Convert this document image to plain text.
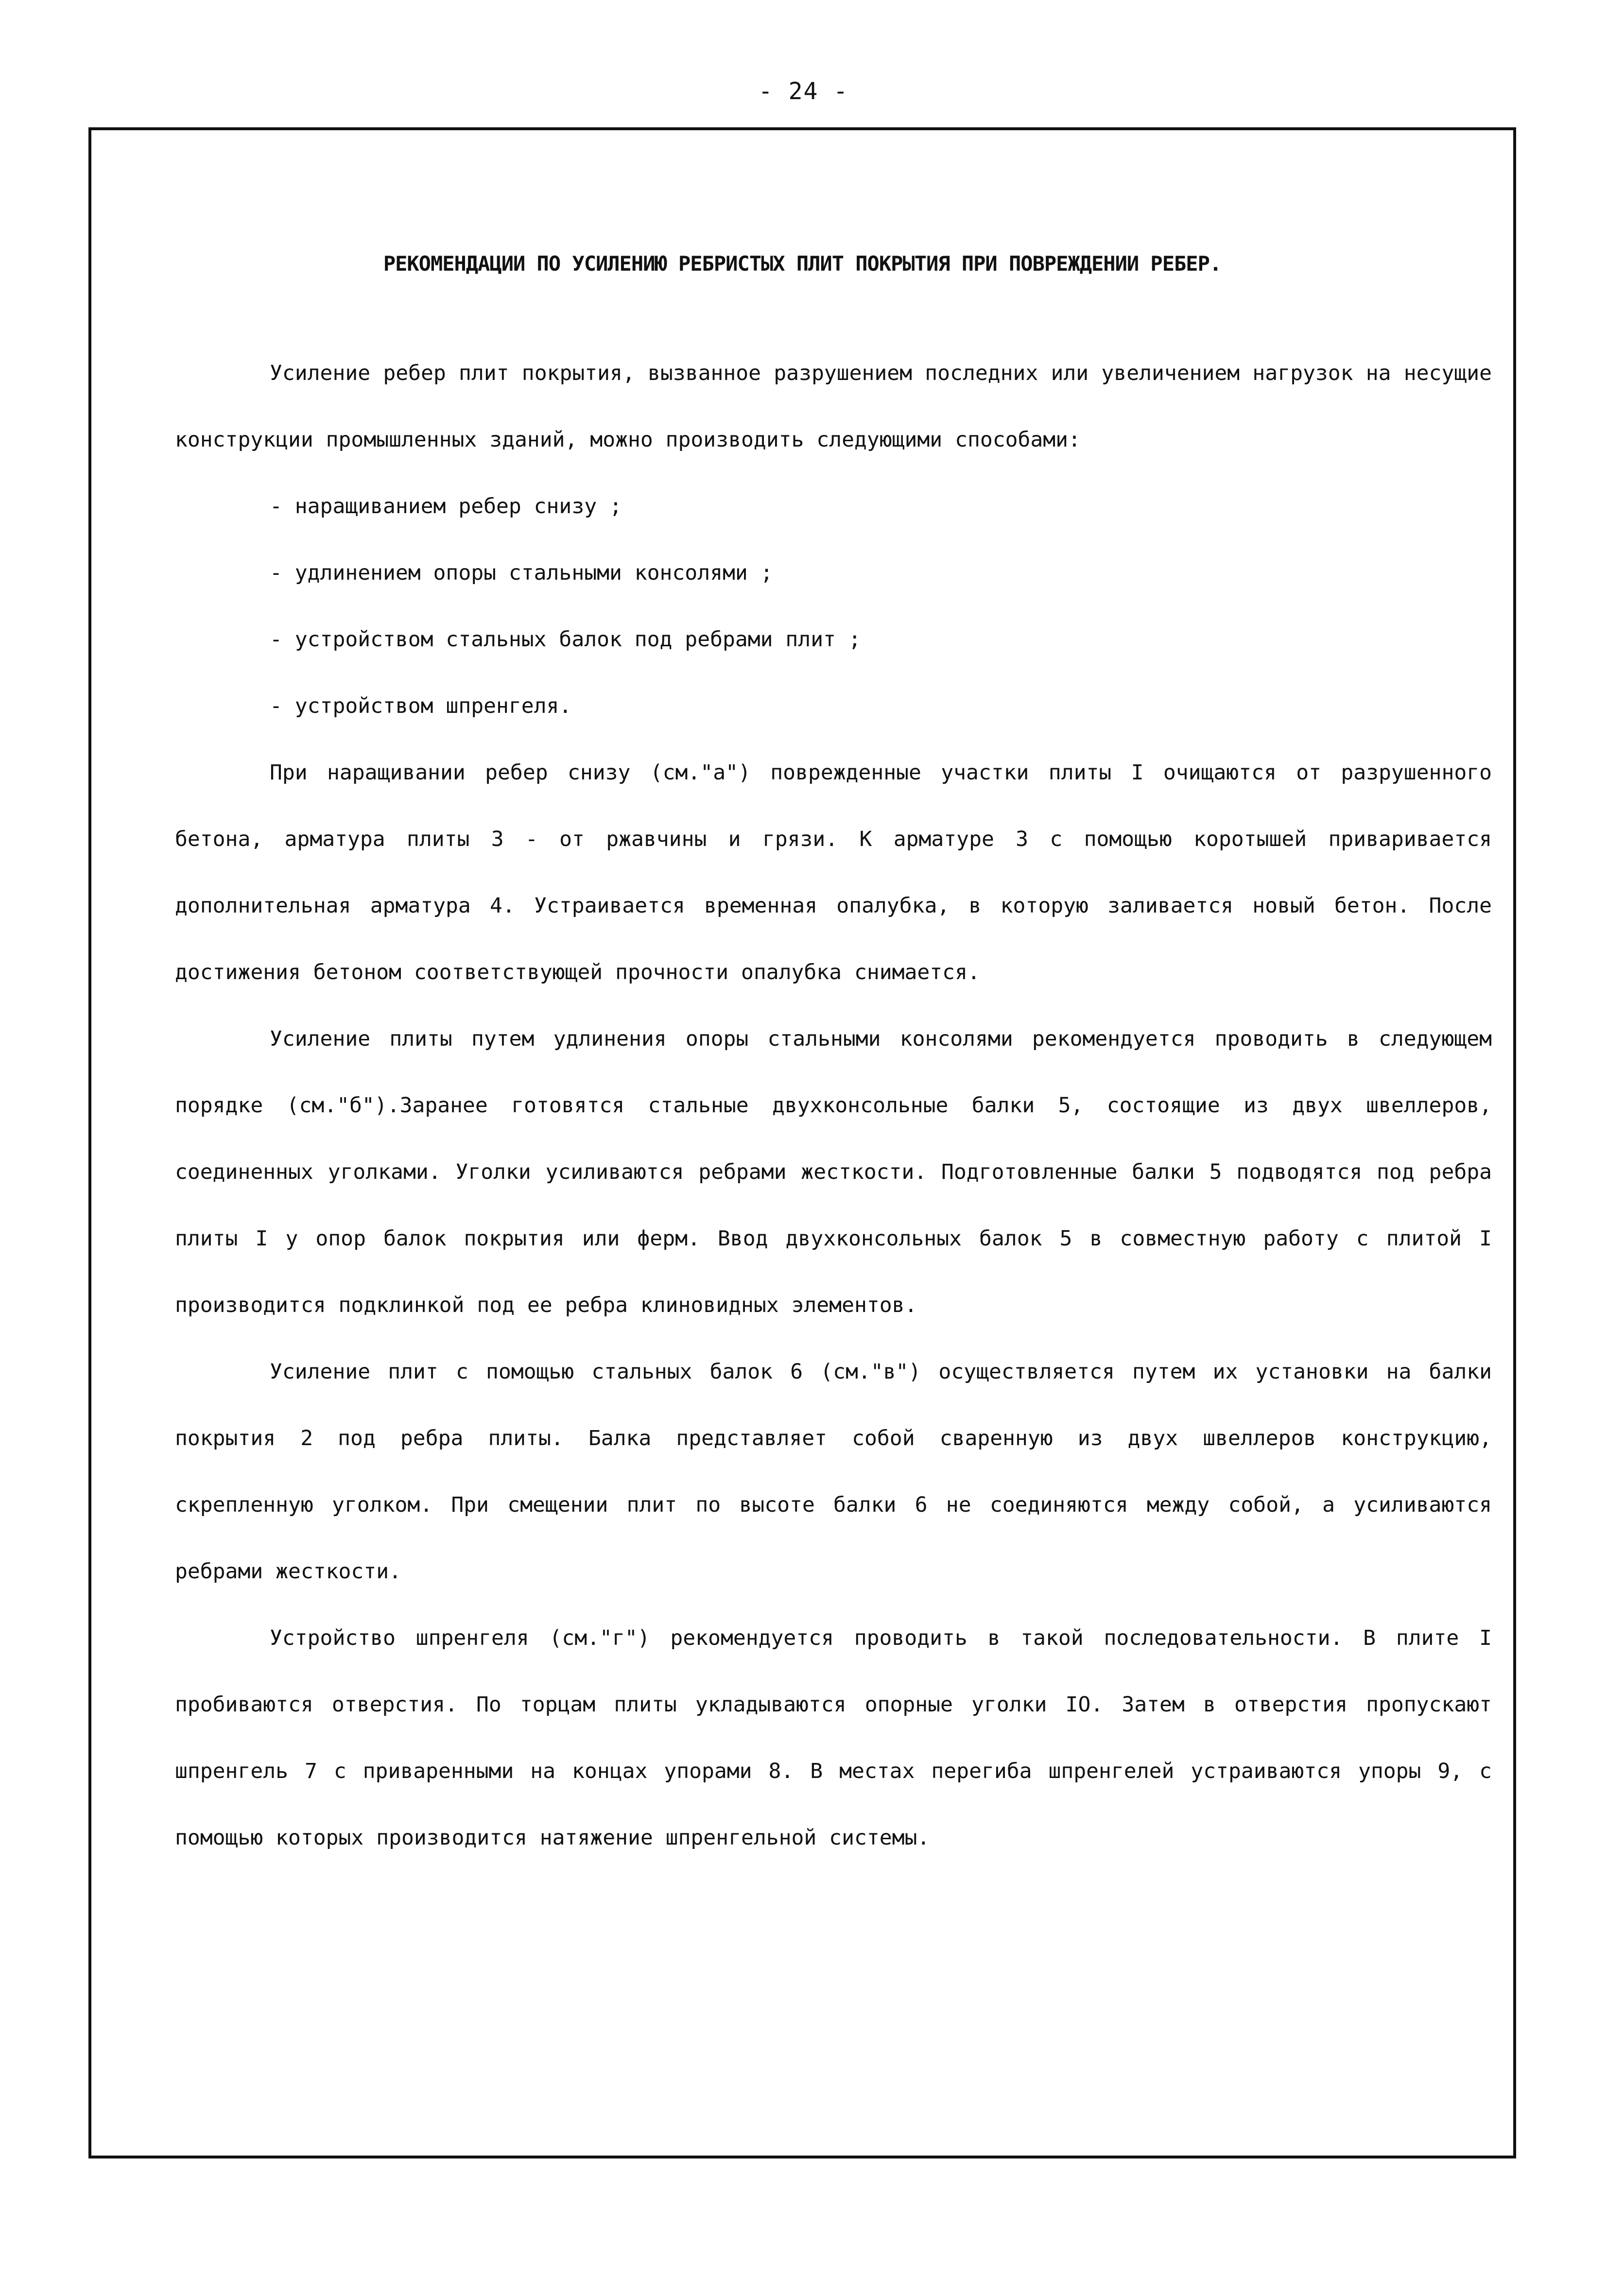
- 24 -
РЕКОМЕНДАЦИИ ПО УСИЛЕНИЮ РЕБРИСТЫХ ПЛИТ ПОКРЫТИЯ ПРИ ПОВРЕЖДЕНИИ РЕБЕР.

Усиление ребер плит покрытия, вызванное разрушением последних или увеличением нагрузок на несущие конструкции промышленных зданий, можно производить следующими способами:

- наращиванием ребер снизу ;
- удлинением опоры стальными консолями ;
- устройством стальных балок под ребрами плит ;
- устройством шпренгеля.

При наращивании ребер снизу (см."а") поврежденные участки плиты I очищаются от разрушенного бетона, арматура плиты 3 - от ржавчины и грязи. К арматуре 3 с помощью коротышей приваривается дополнительная арматура 4. Устраивается временная опалубка, в которую заливается новый бетон. После достижения бетоном соответствующей прочности опалубка снимается.

Усиление плиты путем удлинения опоры стальными консолями рекомендуется проводить в следующем порядке (см."б").Заранее готовятся стальные двухконсольные балки 5, состоящие из двух швеллеров, соединенных уголками. Уголки усиливаются ребрами жесткости. Подготовленные балки 5 подводятся под ребра плиты I у опор балок покрытия или ферм. Ввод двухконсольных балок 5 в совместную работу с плитой I производится подклинкой под ее ребра клиновидных элементов.

Усиление плит с помощью стальных балок 6 (см."в") осуществляется путем их установки на балки покрытия 2 под ребра плиты. Балка представляет собой сваренную из двух швеллеров конструкцию, скрепленную уголком. При смещении плит по высоте балки 6 не соединяются между собой, а усиливаются ребрами жесткости.

Устройство шпренгеля (см."г") рекомендуется проводить в такой последовательности. В плите I пробиваются отверстия. По торцам плиты укладываются опорные уголки IO. Затем в отверстия пропускают шпренгель 7 с приваренными на концах упорами 8. В местах перегиба шпренгелей устраиваются упоры 9, с помощью которых производится натяжение шпренгельной системы.
